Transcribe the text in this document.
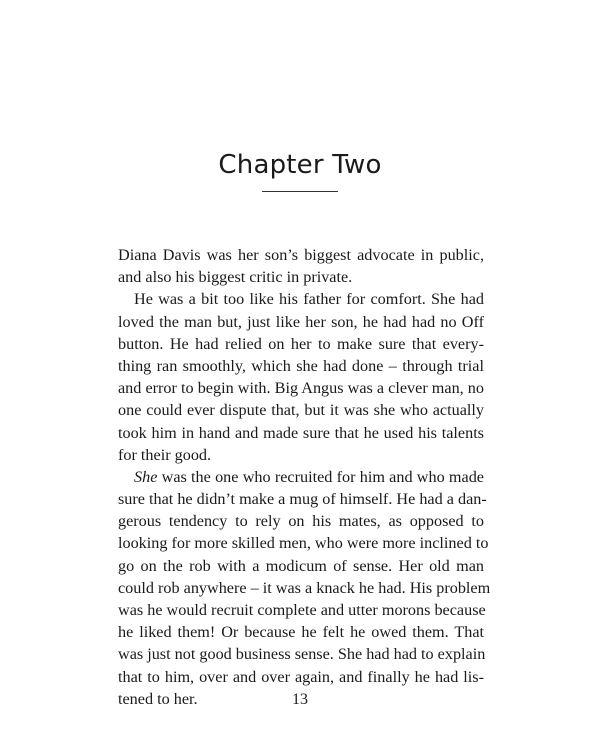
Chapter Two
Diana Davis was her son’s biggest advocate in public,
and also his biggest critic in private.
He was a bit too like his father for comfort. She had
loved the man but, just like her son, he had had no Off
button. He had relied on her to make sure that every-
thing ran smoothly, which she had done – through trial
and error to begin with. Big Angus was a clever man, no
one could ever dispute that, but it was she who actually
took him in hand and made sure that he used his talents
for their good.
She was the one who recruited for him and who made
sure that he didn’t make a mug of himself. He had a dan-
gerous tendency to rely on his mates, as opposed to
looking for more skilled men, who were more inclined to
go on the rob with a modicum of sense. Her old man
could rob anywhere – it was a knack he had. His problem
was he would recruit complete and utter morons because
he liked them! Or because he felt he owed them. That
was just not good business sense. She had had to explain
that to him, over and over again, and finally he had lis-
tened to her.	13
